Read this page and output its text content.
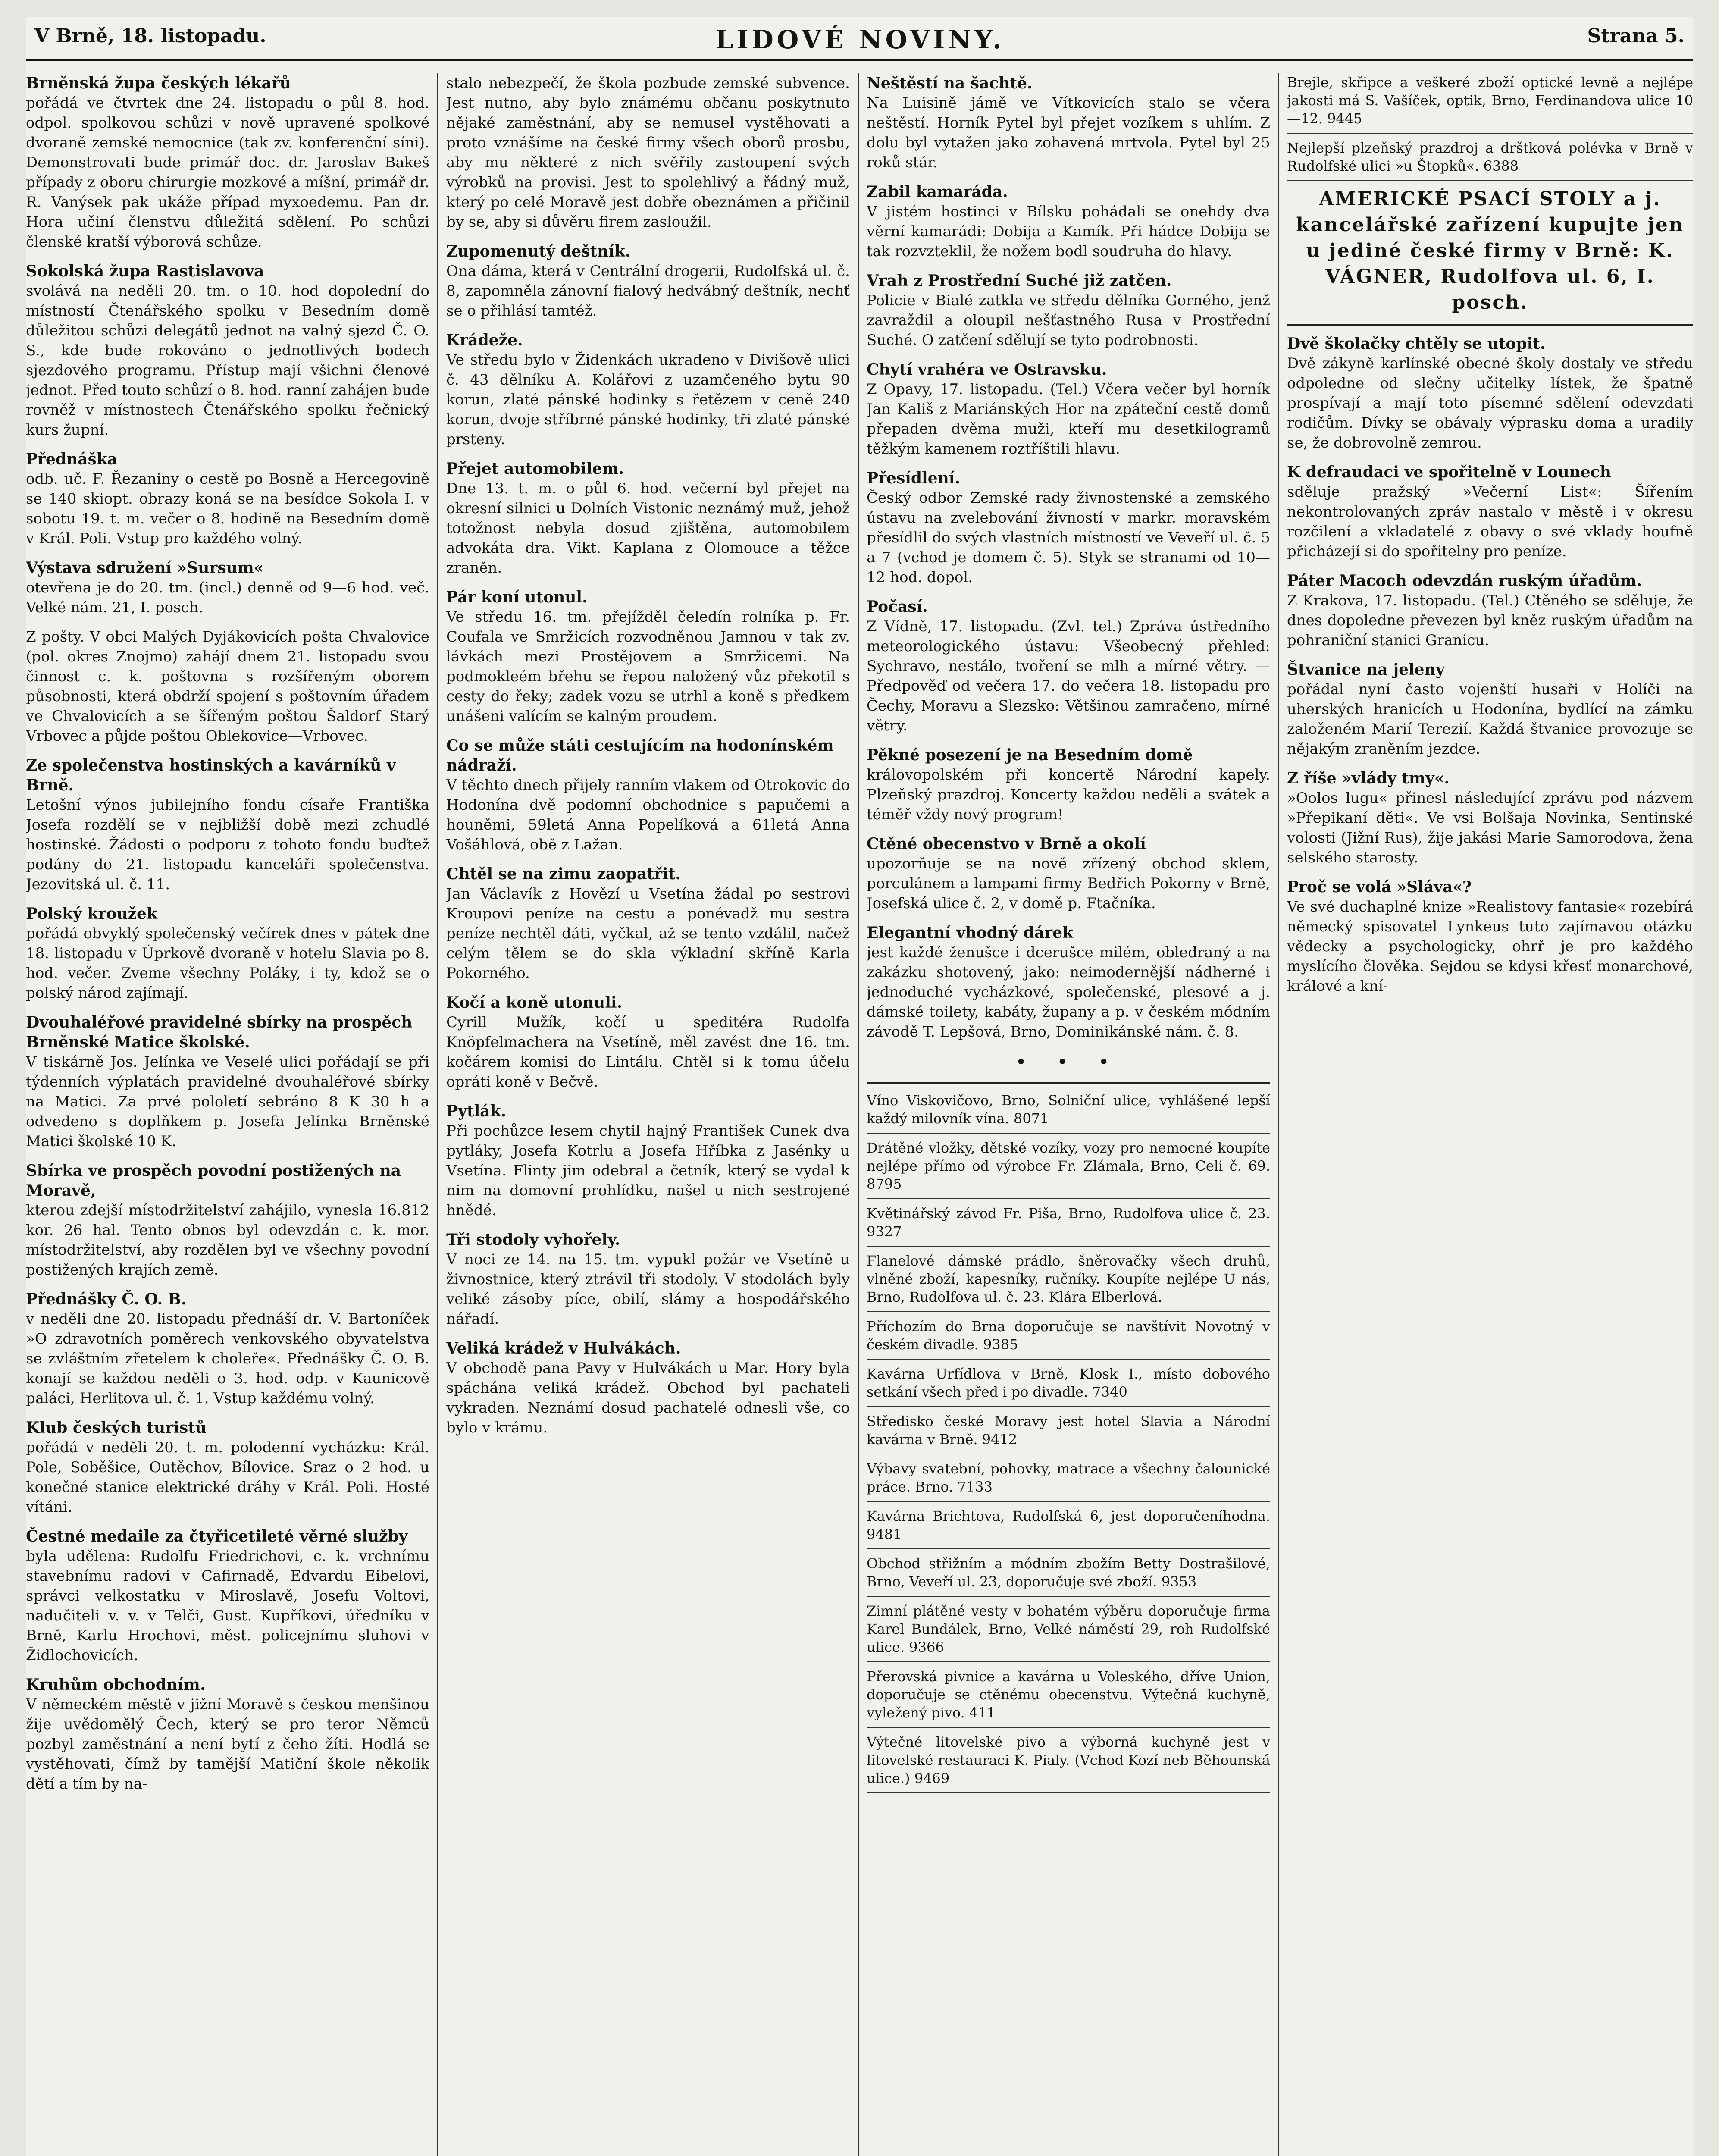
V Brně, 18. listopadu.	LIDOVÉ NOVINY.	Strana 5.
Brněnská župa českých lékařů
pořádá ve čtvrtek dne 24. listopadu o půl 8. hod. odpol. spolkovou schůzi v nově upravené spolkové dvoraně zemské nemocnice (tak zv. konferenční síni). Demonstrovati bude primář doc. dr. Jaroslav Bakeš případy z oboru chirurgie mozkové a míšní, primář dr. R. Vanýsek pak ukáže případ myxoedemu. Pan dr. Hora učiní členstvu důležitá sdělení. Po schůzi členské kratší výborová schůze.
Sokolská župa Rastislavova
svolává na neděli 20. tm. o 10. hod dopolední do místností Čtenářského spolku v Besedním domě důležitou schůzi delegátů jednot na valný sjezd Č. O. S., kde bude rokováno o jednotlivých bodech sjezdového programu. Přístup mají všichni členové jednot. Před touto schůzí o 8. hod. ranní zahájen bude rovněž v místnostech Čtenářského spolku řečnický kurs župní.
Přednáška
odb. uč. F. Řezaniny o cestě po Bosně a Hercegovině se 140 skiopt. obrazy koná se na besídce Sokola I. v sobotu 19. t. m. večer o 8. hodině na Besedním domě v Král. Poli. Vstup pro každého volný.
Výstava sdružení »Sursum«
otevřena je do 20. tm. (incl.) denně od 9—6 hod. več. Velké nám. 21, I. posch.
Z pošty. V obci Malých Dyjákovicích pošta Chvalovice (pol. okres Znojmo) zahájí dnem 21. listopadu svou činnost c. k. poštovna s rozšířeným oborem působnosti, která obdrží spojení s poštovním úřadem ve Chvalovicích a se šířeným poštou Šaldorf Starý Vrbovec a půjde poštou Oblekovice—Vrbovec.
Ze společenstva hostinských a kavárníků v Brně.
Letošní výnos jubilejního fondu císaře Františka Josefa rozdělí se v nejbližší době mezi zchudlé hostinské. Žádosti o podporu z tohoto fondu buďtež podány do 21. listopadu kanceláři společenstva. Jezovitská ul. č. 11.
Polský kroužek
pořádá obvyklý společenský večírek dnes v pátek dne 18. listopadu v Úprkově dvoraně v hotelu Slavia po 8. hod. večer. Zveme všechny Poláky, i ty, kdož se o polský národ zajímají.
Dvouhaléřové pravidelné sbírky na prospěch Brněnské Matice školské.
V tiskárně Jos. Jelínka ve Veselé ulici pořádají se při týdenních výplatách pravidelné dvouhaléřové sbírky na Matici. Za prvé pololetí sebráno 8 K 30 h a odvedeno s doplňkem p. Josefa Jelínka Brněnské Matici školské 10 K.
Sbírka ve prospěch povodní postižených na Moravě,
kterou zdejší místodržitelství zahájilo, vynesla 16.812 kor. 26 hal. Tento obnos byl odevzdán c. k. mor. místodržitelství, aby rozdělen byl ve všechny povodní postižených krajích země.
Přednášky Č. O. B.
v neděli dne 20. listopadu přednáší dr. V. Bartoníček »O zdravotních poměrech venkovského obyvatelstva se zvláštním zřetelem k choleře«. Přednášky Č. O. B. konají se každou neděli o 3. hod. odp. v Kaunicově paláci, Herlitova ul. č. 1. Vstup každému volný.
Klub českých turistů
pořádá v neděli 20. t. m. polodenní vycházku: Král. Pole, Soběšice, Outěchov, Bílovice. Sraz o 2 hod. u konečné stanice elektrické dráhy v Král. Poli. Hosté vítáni.
Čestné medaile za čtyřicetileté věrné služby
byla udělena: Rudolfu Friedrichovi, c. k. vrchnímu stavebnímu radovi v Cafirnadě, Edvardu Eibelovi, správci velkostatku v Miroslavě, Josefu Voltovi, nadučiteli v. v. v Telči, Gust. Kupříkovi, úředníku v Brně, Karlu Hrochovi, měst. policejnímu sluhovi v Židlochovicích.
Kruhům obchodním.
V německém městě v jižní Moravě s českou menšinou žije uvědomělý Čech, který se pro teror Němců pozbyl zaměstnání a není bytí z čeho žíti. Hodlá se vystěhovati, čímž by tamější Matiční škole několik dětí a tím by na-
stalo nebezpečí, že škola pozbude zemské subvence. Jest nutno, aby bylo známému občanu poskytnuto nějaké zaměstnání, aby se nemusel vystěhovati a proto vznášíme na české firmy všech oborů prosbu, aby mu některé z nich svěřily zastoupení svých výrobků na provisi. Jest to spolehlivý a řádný muž, který po celé Moravě jest dobře obeznámen a přičinil by se, aby si důvěru firem zasloužil.
Zupomenutý deštník.
Ona dáma, která v Centrální drogerii, Rudolfská ul. č. 8, zapomněla zánovní fialový hedvábný deštník, nechť se o přihlásí tamtéž.
Krádeže.
Ve středu bylo v Židenkách ukradeno v Divišově ulici č. 43 dělníku A. Kolářovi z uzamčeného bytu 90 korun, zlaté pánské hodinky s řetězem v ceně 240 korun, dvoje stříbrné pánské hodinky, tři zlaté pánské prsteny.
Přejet automobilem.
Dne 13. t. m. o půl 6. hod. večerní byl přejet na okresní silnici u Dolních Vistonic neznámý muž, jehož totožnost nebyla dosud zjištěna, automobilem advokáta dra. Vikt. Kaplana z Olomouce a těžce zraněn.
Pár koní utonul.
Ve středu 16. tm. přejížděl čeledín rolníka p. Fr. Coufala ve Smržicích rozvodněnou Jamnou v tak zv. lávkách mezi Prostějovem a Smržicemi. Na podmokleém břehu se řepou naložený vůz překotil s cesty do řeky; zadek vozu se utrhl a koně s předkem unášeni valícím se kalným proudem.
Co se může státi cestujícím na hodonínském nádraží.
V těchto dnech přijely ranním vlakem od Otrokovic do Hodonína dvě podomní obchodnice s papučemi a houněmi, 59letá Anna Popelíková a 61letá Anna Vošáhlová, obě z Lažan.
Chtěl se na zimu zaopatřit.
Jan Václavík z Hovězí u Vsetína žádal po sestrovi Kroupovi peníze na cestu a ponévadž mu sestra peníze nechtěl dáti, vyčkal, až se tento vzdálil, načež celým tělem se do skla výkladní skříně Karla Pokorného.
Kočí a koně utonuli.
Cyrill Mužík, kočí u speditéra Rudolfa Knöpfelmachera na Vsetíně, měl zavést dne 16. tm. kočárem komisi do Lintálu. Chtěl si k tomu účelu opráti koně v Bečvě.
Pytlák.
Při pochůzce lesem chytil hajný František Cunek dva pytláky, Josefa Kotrlu a Josefa Hříbka z Jasénky u Vsetína. Flinty jim odebral a četník, který se vydal k nim na domovní prohlídku, našel u nich sestrojené hnědé.
Tři stodoly vyhořely.
V noci ze 14. na 15. tm. vypukl požár ve Vsetíně u živnostnice, který ztrávil tři stodoly. V stodolách byly veliké zásoby píce, obilí, slámy a hospodářského nářadí.
Veliká krádež v Hulvákách.
V obchodě pana Pavy v Hulvákách u Mar. Hory byla spáchána veliká krádež. Obchod byl pachateli vykraden. Neznámí dosud pachatelé odnesli vše, co bylo v krámu.
Neštěstí na šachtě.
Na Luisině jámě ve Vítkovicích stalo se včera neštěstí. Horník Pytel byl přejet vozíkem s uhlím. Z dolu byl vytažen jako zohavená mrtvola. Pytel byl 25 roků stár.
Zabil kamaráda.
V jistém hostinci v Bílsku pohádali se onehdy dva věrní kamarádi: Dobija a Kamík. Při hádce Dobija se tak rozvzteklil, že nožem bodl soudruha do hlavy.
Vrah z Prostřední Suché již zatčen.
Policie v Bialé zatkla ve středu dělníka Gorného, jenž zavraždil a oloupil nešťastného Rusa v Prostřední Suché. O zatčení sdělují se tyto podrobnosti.
Chytí vrahéra ve Ostravsku.
Z Opavy, 17. listopadu. (Tel.) Včera večer byl horník Jan Kališ z Mariánských Hor na zpáteční cestě domů přepaden dvěma muži, kteří mu desetkilogramů těžkým kamenem roztříštili hlavu.
Přesídlení.
Český odbor Zemské rady živnostenské a zemského ústavu na zvelebování živností v markr. moravském přesídlil do svých vlastních místností ve Veveří ul. č. 5 a 7 (vchod je domem č. 5). Styk se stranami od 10—12 hod. dopol.
Počasí.
Z Vídně, 17. listopadu. (Zvl. tel.) Zpráva ústředního meteorologického ústavu: Všeobecný přehled: Sychravo, nestálo, tvoření se mlh a mírné větry. — Předpověď od večera 17. do večera 18. listopadu pro Čechy, Moravu a Slezsko: Většinou zamračeno, mírné větry.
Pěkné posezení je na Besedním domě
královopolském při koncertě Národní kapely. Plzeňský prazdroj. Koncerty každou neděli a svátek a téměř vždy nový program!
Ctěné obecenstvo v Brně a okolí
upozorňuje se na nově zřízený obchod sklem, porculánem a lampami firmy Bedřich Pokorny v Brně, Josefská ulice č. 2, v domě p. Ftačníka.
Elegantní vhodný dárek
jest každé ženušce i dcerušce milém, obledraný a na zakázku shotovený, jako: neimodernější nádherné i jednoduché vycházkové, společenské, plesové a j. dámské toilety, kabáty, župany a p. v českém módním závodě T. Lepšová, Brno, Dominikánské nám. č. 8.
• • •
Víno Viskovičovo, Brno, Solniční ulice, vyhlášené lepší každý milovník vína. 8071
Drátěné vložky, dětské vozíky, vozy pro nemocné koupíte nejlépe přímo od výrobce Fr. Zlámala, Brno, Celi č. 69. 8795
Květinářský závod Fr. Piša, Brno, Rudolfova ulice č. 23. 9327
Flanelové dámské prádlo, šněrovačky všech druhů, vlněné zboží, kapesníky, ručníky. Koupíte nejlépe U nás, Brno, Rudolfova ul. č. 23. Klára Elberlová.
Příchozím do Brna doporučuje se navštívit Novotný v českém divadle. 9385
Kavárna Urfídlova v Brně, Klosk I., místo dobového setkání všech před i po divadle. 7340
Středisko české Moravy jest hotel Slavia a Národní kavárna v Brně. 9412
Výbavy svatební, pohovky, matrace a všechny čalounické práce. Brno. 7133
Kavárna Brichtova, Rudolfská 6, jest doporučeníhodna. 9481
Obchod střižním a módním zbožím Betty Dostrašilové, Brno, Veveří ul. 23, doporučuje své zboží. 9353
Zimní plátěné vesty v bohatém výběru doporučuje firma Karel Bundálek, Brno, Velké náměstí 29, roh Rudolfské ulice. 9366
Přerovská pivnice a kavárna u Voleského, dříve Union, doporučuje se ctěnému obecenstvu. Výtečná kuchyně, vyležený pivo. 411
Výtečné litovelské pivo a výborná kuchyně jest v litovelské restauraci K. Pialy. (Vchod Kozí neb Běhounská ulice.) 9469
Brejle, skřipce a veškeré zboží optické levně a nejlépe jakosti má S. Vašíček, optik, Brno, Ferdinandova ulice 10—12. 9445
Nejlepší plzeňský prazdroj a drštková polévka v Brně v Rudolfské ulici »u Štopků«. 6388
AMERICKÉ PSACÍ STOLY a j. kancelářské zařízení kupujte jen u jediné české firmy v Brně: K. VÁGNER, Rudolfova ul. 6, I. posch.
Dvě školačky chtěly se utopit.
Dvě zákyně karlínské obecné školy dostaly ve středu odpoledne od slečny učitelky lístek, že špatně prospívají a mají toto písemné sdělení odevzdati rodičům. Dívky se obávaly výprasku doma a uradily se, že dobrovolně zemrou.
K defraudaci ve spořitelně v Lounech
sděluje pražský »Večerní List«: Šířením nekontrolovaných zpráv nastalo v městě i v okresu rozčilení a vkladatelé z obavy o své vklady houfně přicházejí si do spořitelny pro peníze.
Páter Macoch odevzdán ruským úřadům.
Z Krakova, 17. listopadu. (Tel.) Ctěného se sděluje, že dnes dopoledne převezen byl kněz ruským úřadům na pohraniční stanici Granicu.
Štvanice na jeleny
pořádal nyní často vojenští husaři v Holíči na uherských hranicích u Hodonína, bydlící na zámku založeném Marií Terezií. Každá štvanice provozuje se nějakým zraněním jezdce.
Z říše »vlády tmy«.
»Oolos lugu« přinesl následující zprávu pod názvem »Přepikaní děti«. Ve vsi Bolšaja Novinka, Sentinské volosti (Jižní Rus), žije jakási Marie Samorodova, žena selského starosty.
Proč se volá »Sláva«?
Ve své duchaplné knize »Realistovy fantasie« rozebírá německý spisovatel Lynkeus tuto zajímavou otázku vědecky a psychologicky, ohrř je pro každého myslícího člověka. Sejdou se kdysi křesť monarchové, králové a kní-
